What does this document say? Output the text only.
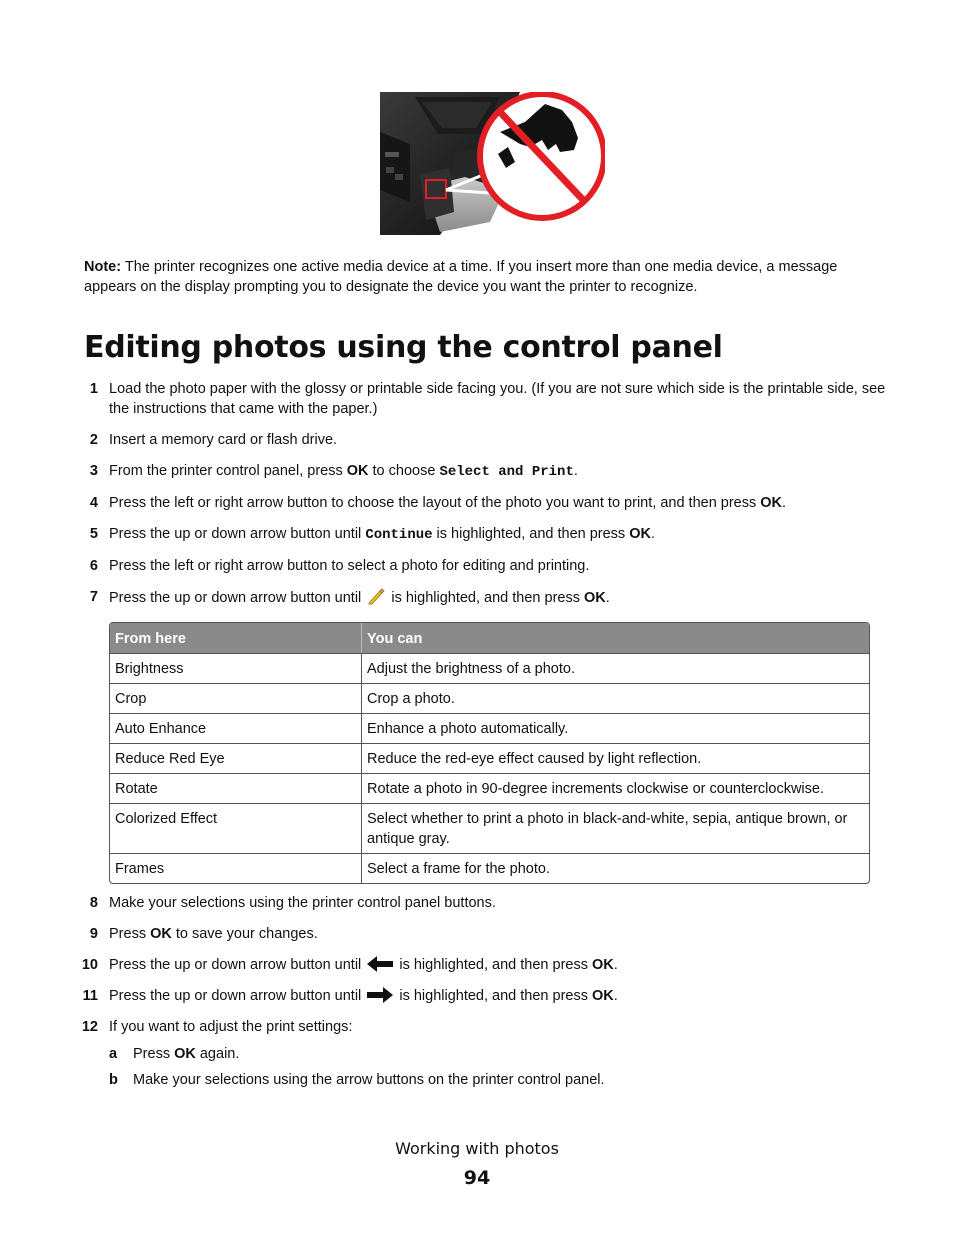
Note: The printer recognizes one active media device at a time. If you insert more than one media device, a message appears on the display prompting you to designate the device you want the printer to recognize.
Editing photos using the control panel
1 Load the photo paper with the glossy or printable side facing you. (If you are not sure which side is the printable side, see the instructions that came with the paper.)
2 Insert a memory card or flash drive.
3 From the printer control panel, press OK to choose Select and Print.
4 Press the left or right arrow button to choose the layout of the photo you want to print, and then press OK.
5 Press the up or down arrow button until Continue is highlighted, and then press OK.
6 Press the left or right arrow button to select a photo for editing and printing.
7 Press the up or down arrow button until  is highlighted, and then press OK.
From here	You can
Brightness	Adjust the brightness of a photo.
Crop	Crop a photo.
Auto Enhance	Enhance a photo automatically.
Reduce Red Eye	Reduce the red-eye effect caused by light reflection.
Rotate	Rotate a photo in 90-degree increments clockwise or counterclockwise.
Colorized Effect	Select whether to print a photo in black-and-white, sepia, antique brown, or antique gray.
Frames	Select a frame for the photo.
8 Make your selections using the printer control panel buttons.
9 Press OK to save your changes.
10 Press the up or down arrow button until  is highlighted, and then press OK.
11 Press the up or down arrow button until  is highlighted, and then press OK.
12 If you want to adjust the print settings:
a	Press OK again.
b Make your selections using the arrow buttons on the printer control panel.
Working with photos
94
